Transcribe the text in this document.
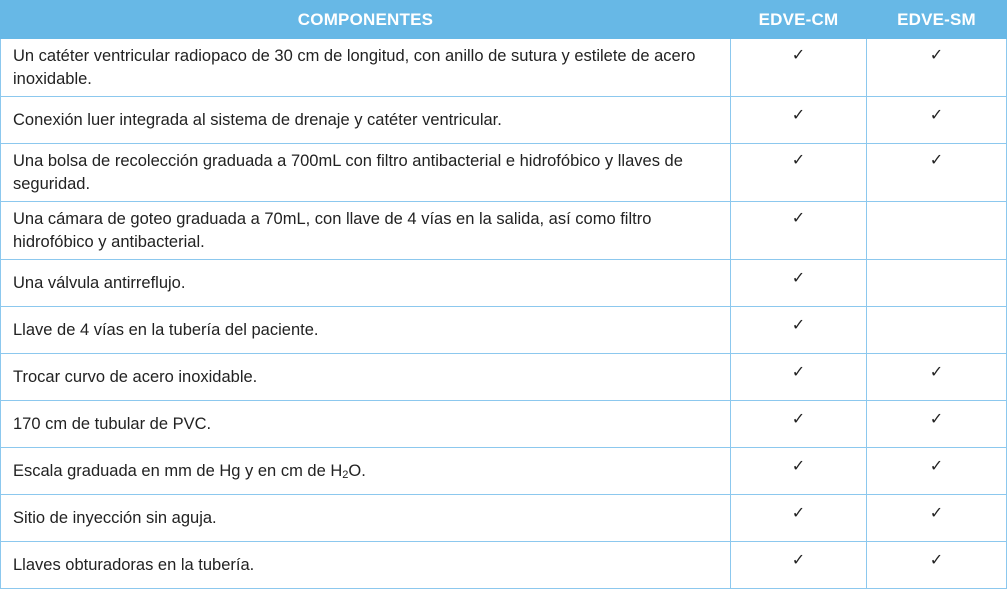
COMPONENTES	EDVE-CM	EDVE-SM
Un catéter ventricular radiopaco de 30 cm de longitud, con anillo de sutura y estilete de acero inoxidable.	✓	✓
Conexión luer integrada al sistema de drenaje y catéter ventricular.	✓	✓
Una bolsa de recolección graduada a 700mL con filtro antibacterial e hidrofóbico y llaves de seguridad.	✓	✓
Una cámara de goteo graduada a 70mL, con llave de 4 vías en la salida, así como filtro hidrofóbico y antibacterial.	✓	
Una válvula antirreflujo.	✓	
Llave de 4 vías en la tubería del paciente.	✓	
Trocar curvo de acero inoxidable.	✓	✓
170 cm de tubular de PVC.	✓	✓
Escala graduada en mm de Hg y en cm de $H_2O$.	✓	✓
Sitio de inyección sin aguja.	✓	✓
Llaves obturadoras en la tubería.	✓	✓
